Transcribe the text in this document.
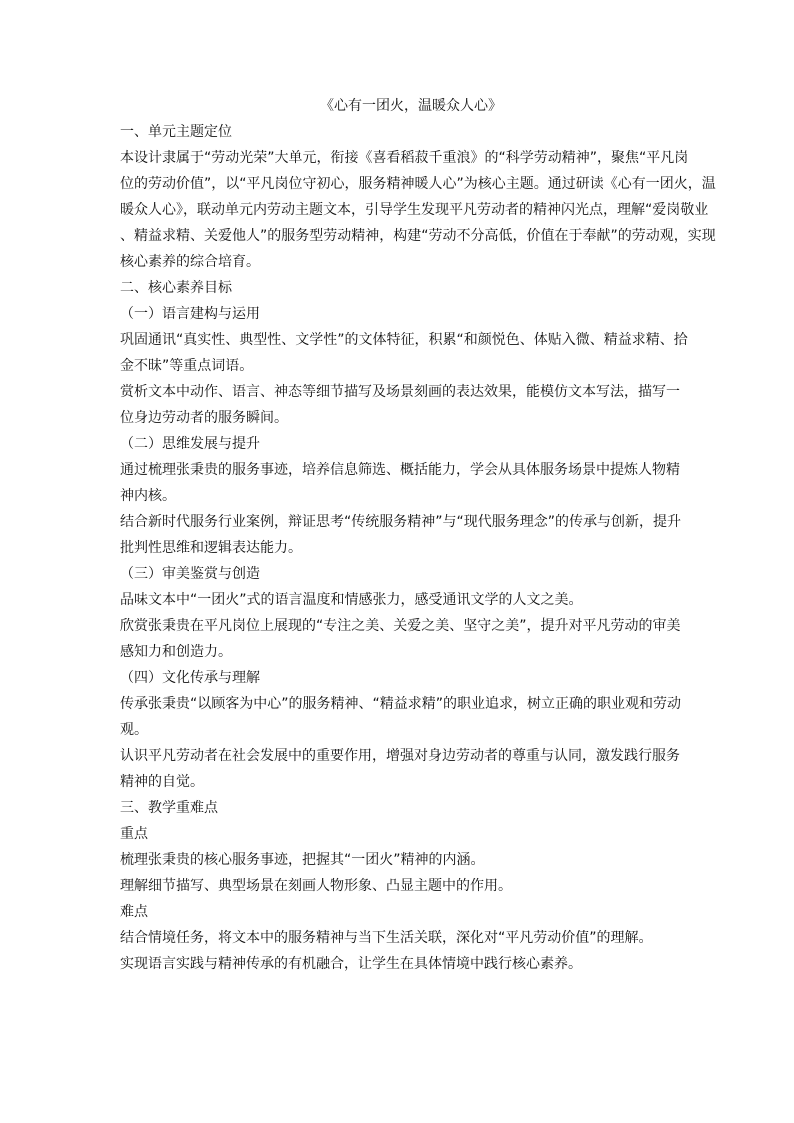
《心有一团火，温暖众人心》
一、单元主题定位
本设计隶属于“劳动光荣”大单元，衔接《喜看稻菽千重浪》的“科学劳动精神”，聚焦“平凡岗
位的劳动价值”，以“平凡岗位守初心，服务精神暖人心”为核心主题。通过研读《心有一团火，温
暖众人心》，联动单元内劳动主题文本，引导学生发现平凡劳动者的精神闪光点，理解“爱岗敬业
、精益求精、关爱他人”的服务型劳动精神，构建“劳动不分高低，价值在于奉献”的劳动观，实现
核心素养的综合培育。
二、核心素养目标
（一）语言建构与运用
巩固通讯“真实性、典型性、文学性”的文体特征，积累“和颜悦色、体贴入微、精益求精、拾
金不昧”等重点词语。
赏析文本中动作、语言、神态等细节描写及场景刻画的表达效果，能模仿文本写法，描写一
位身边劳动者的服务瞬间。
（二）思维发展与提升
通过梳理张秉贵的服务事迹，培养信息筛选、概括能力，学会从具体服务场景中提炼人物精
神内核。
结合新时代服务行业案例，辩证思考“传统服务精神”与“现代服务理念”的传承与创新，提升
批判性思维和逻辑表达能力。
（三）审美鉴赏与创造
品味文本中“一团火”式的语言温度和情感张力，感受通讯文学的人文之美。
欣赏张秉贵在平凡岗位上展现的“专注之美、关爱之美、坚守之美”，提升对平凡劳动的审美
感知力和创造力。
（四）文化传承与理解
传承张秉贵“以顾客为中心”的服务精神、“精益求精”的职业追求，树立正确的职业观和劳动
观。
认识平凡劳动者在社会发展中的重要作用，增强对身边劳动者的尊重与认同，激发践行服务
精神的自觉。
三、教学重难点
重点
梳理张秉贵的核心服务事迹，把握其“一团火”精神的内涵。
理解细节描写、典型场景在刻画人物形象、凸显主题中的作用。
难点
结合情境任务，将文本中的服务精神与当下生活关联，深化对“平凡劳动价值”的理解。
实现语言实践与精神传承的有机融合，让学生在具体情境中践行核心素养。
